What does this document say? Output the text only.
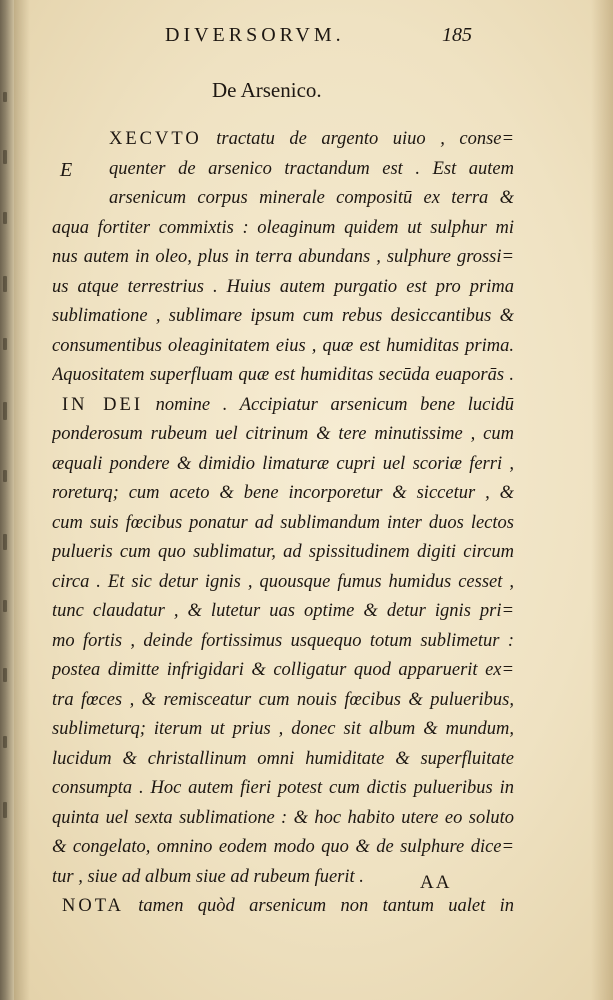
DIVERSORVM.	185
De Arsenico.
E
XECVTO tractatu de argento uiuo , conse=
quenter de arsenico tractandum est . Est autem
arsenicum corpus minerale compositū ex terra &
aqua fortiter commixtis : oleaginum quidem ut sulphur mi
nus autem in oleo, plus in terra abundans , sulphure grossi=
us atque terrestrius . Huius autem purgatio est pro prima
sublimatione , sublimare ipsum cum rebus desiccantibus &
consumentibus oleaginitatem eius , quæ est humiditas prima.
Aquositatem superfluam quæ est humiditas secūda euaporās .
IN DEI nomine . Accipiatur arsenicum bene lucidū
ponderosum rubeum uel citrinum & tere minutissime , cum
æquali pondere & dimidio limaturæ cupri uel scoriæ ferri ,
roreturq; cum aceto & bene incorporetur & siccetur , &
cum suis fœcibus ponatur ad sublimandum inter duos lectos
pulueris cum quo sublimatur, ad spissitudinem digiti circum
circa . Et sic detur ignis , quousque fumus humidus cesset ,
tunc claudatur , & lutetur uas optime & detur ignis pri=
mo fortis , deinde fortissimus usquequo totum sublimetur :
postea dimitte infrigidari & colligatur quod apparuerit ex=
tra fœces , & remisceatur cum nouis fœcibus & pulueribus,
sublimeturq; iterum ut prius , donec sit album & mundum,
lucidum & christallinum omni humiditate & superfluitate
consumpta . Hoc autem fieri potest cum dictis pulueribus in
quinta uel sexta sublimatione : & hoc habito utere eo soluto
& congelato, omnino eodem modo quo & de sulphure dice=
tur , siue ad album siue ad rubeum fuerit .
NOTA tamen quòd arsenicum non tantum ualet in
AA
